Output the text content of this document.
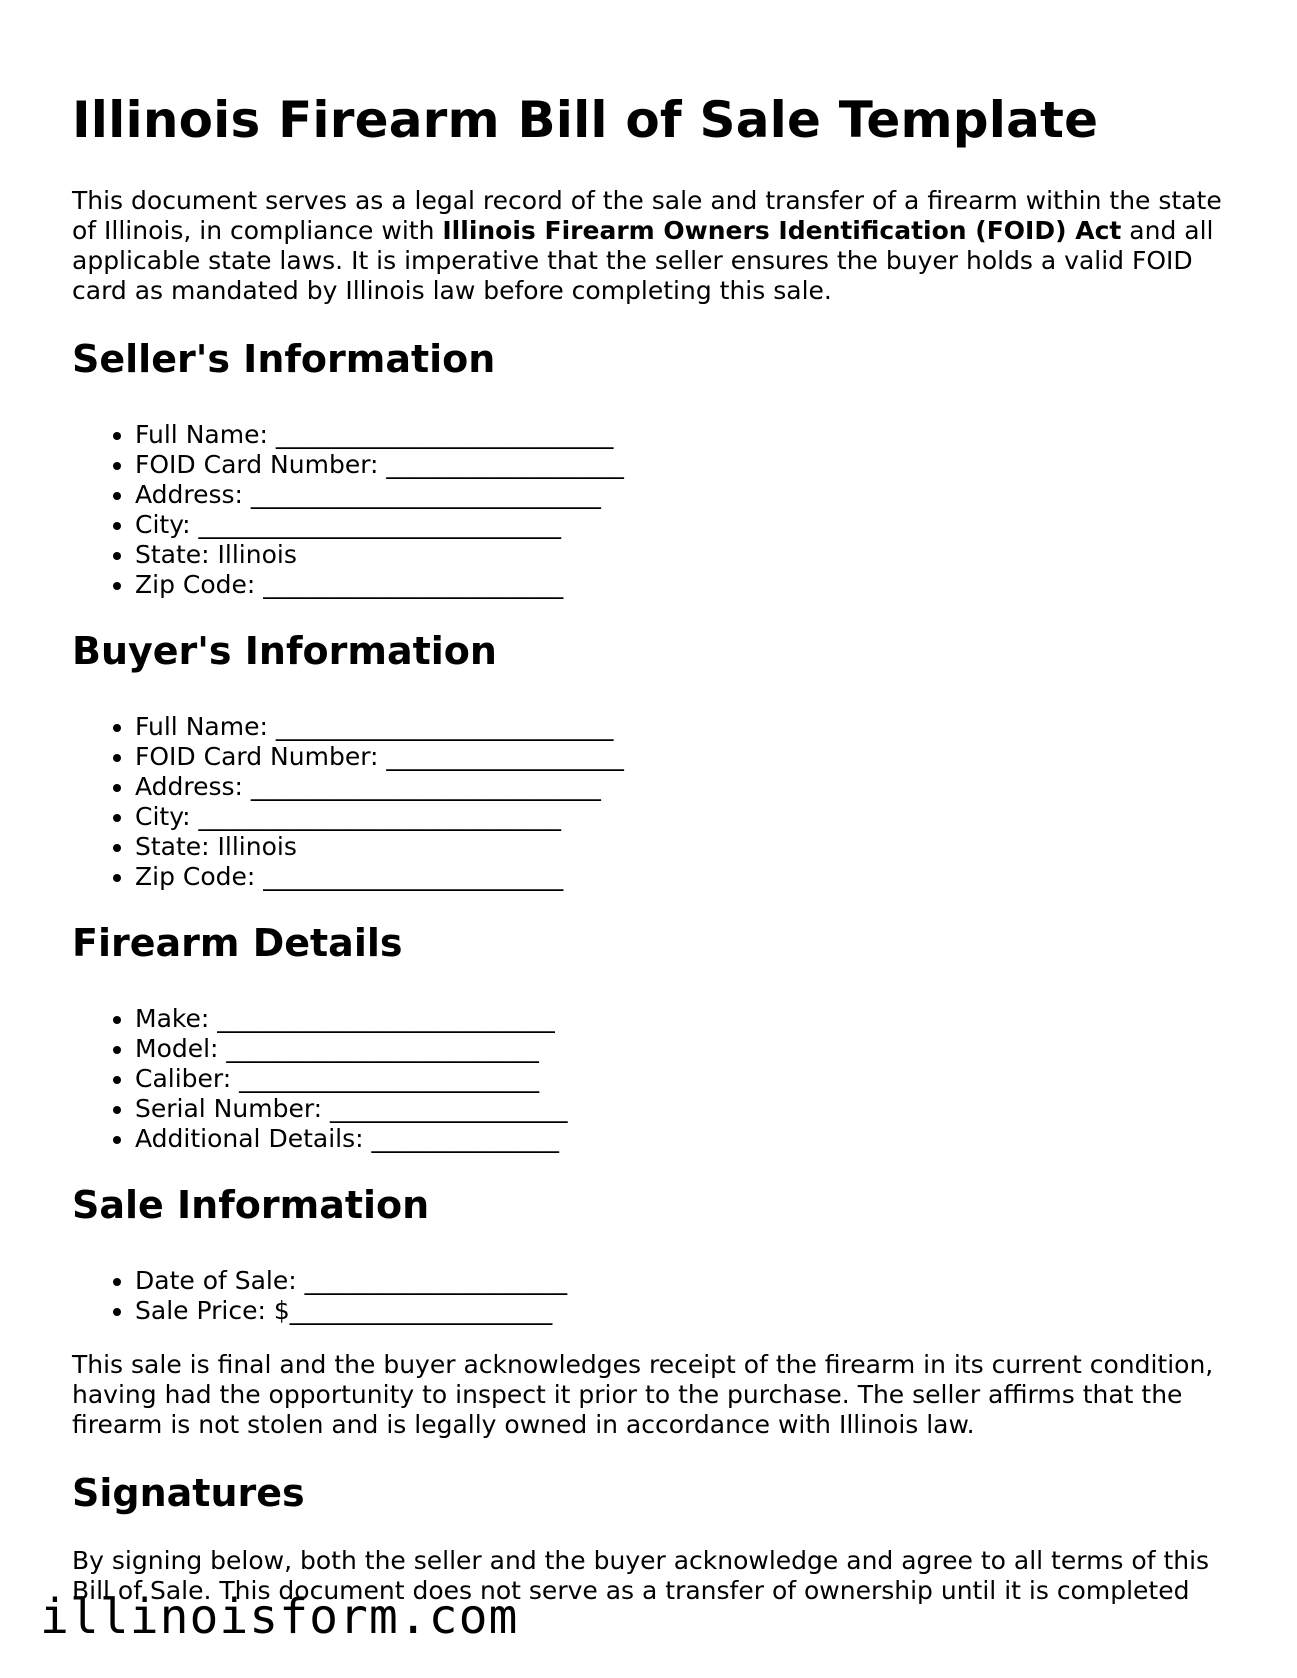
Illinois Firearm Bill of Sale Template

This document serves as a legal record of the sale and transfer of a firearm within the state of Illinois, in compliance with Illinois Firearm Owners Identification (FOID) Act and all applicable state laws. It is imperative that the seller ensures the buyer holds a valid FOID card as mandated by Illinois law before completing this sale.

Seller's Information
• Full Name: ___________________________
• FOID Card Number: ___________________
• Address: ____________________________
• City: _____________________________
• State: Illinois
• Zip Code: ________________________
Buyer's Information
• Full Name: ___________________________
• FOID Card Number: ___________________
• Address: ____________________________
• City: _____________________________
• State: Illinois
• Zip Code: ________________________
Firearm Details
• Make: ___________________________
• Model: _________________________
• Caliber: ________________________
• Serial Number: ___________________
• Additional Details: _______________
Sale Information
• Date of Sale: _____________________
• Sale Price: $_____________________

This sale is final and the buyer acknowledges receipt of the firearm in its current condition, having had the opportunity to inspect it prior to the purchase. The seller affirms that the firearm is not stolen and is legally owned in accordance with Illinois law.

Signatures

By signing below, both the seller and the buyer acknowledge and agree to all terms of this Bill of Sale. This document does not serve as a transfer of ownership until it is completed

illinoisform.com
